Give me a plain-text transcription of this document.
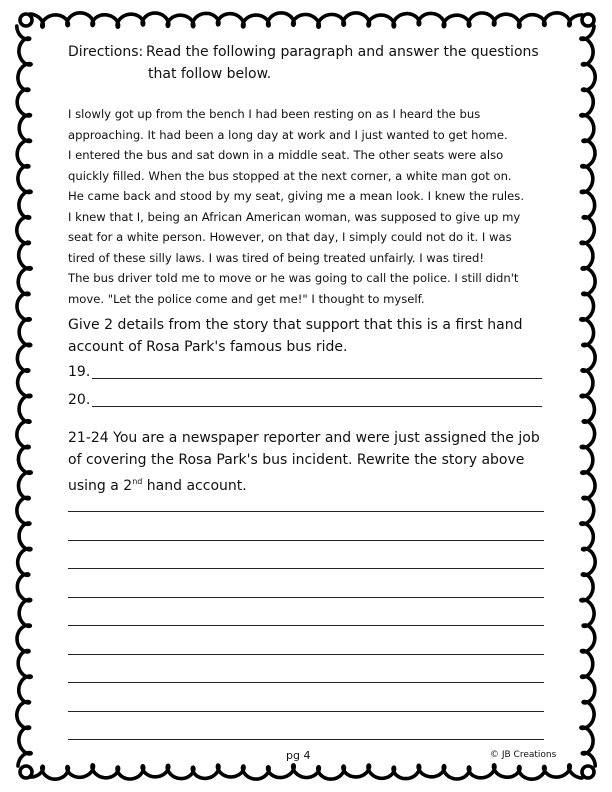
Directions: Read the following paragraph and answer the questions
that follow below.
I slowly got up from the bench I had been resting on as I heard the bus
approaching. It had been a long day at work and I just wanted to get home.
I entered the bus and sat down in a middle seat. The other seats were also
quickly filled. When the bus stopped at the next corner, a white man got on.
He came back and stood by my seat, giving me a mean look. I knew the rules.
I knew that I, being an African American woman, was supposed to give up my
seat for a white person. However, on that day, I simply could not do it. I was
tired of these silly laws. I was tired of being treated unfairly. I was tired!
The bus driver told me to move or he was going to call the police. I still didn't
move. "Let the police come and get me!" I thought to myself.
Give 2 details from the story that support that this is a first hand
account of Rosa Park's famous bus ride.
19.
20.
21-24 You are a newspaper reporter and were just assigned the job
of covering the Rosa Park's bus incident. Rewrite the story above
using a 2nd hand account.
pg 4	© JB Creations
